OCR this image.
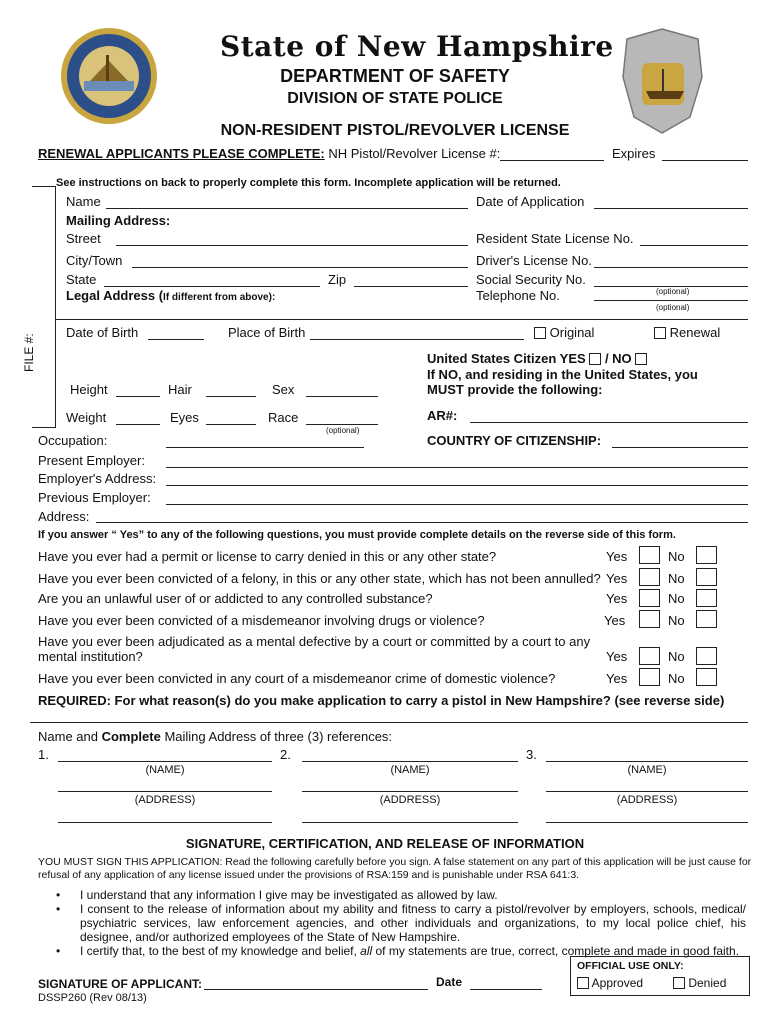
State of New Hampshire
DEPARTMENT OF SAFETY
DIVISION OF STATE POLICE
NON-RESIDENT PISTOL/REVOLVER LICENSE
RENEWAL APPLICANTS PLEASE COMPLETE: NH Pistol/Revolver License #:	Expires
See instructions on back to properly complete this form. Incomplete application will be returned.
FILE #:
Name
Mailing Address:
Street
City/Town
State	Zip
Legal Address (If different from above):
Date of Application
Resident State License No.
Driver's License No.
Social Security No.
(optional)
Telephone No.
(optional)
Date of Birth	Place of Birth	Original	Renewal
United States Citizen YES / NO
If NO, and residing in the United States, you
MUST provide the following:
Height	Hair	Sex
Weight	Eyes	Race
(optional)
AR#:
Occupation:	COUNTRY OF CITIZENSHIP:
Present Employer:
Employer's Address:
Previous Employer:
Address:
If you answer “ Yes” to any of the following questions, you must provide complete details on the reverse side of this form.
Have you ever had a permit or license to carry denied in this or any other state?	Yes	No
Have you ever been convicted of a felony, in this or any other state, which has not been annulled? Yes	No
Are you an unlawful user of or addicted to any controlled substance?	Yes	No
Have you ever been convicted of a misdemeanor involving drugs or violence?	Yes	No
Have you ever been adjudicated as a mental defective by a court or committed by a court to any
mental institution?	Yes	No
Have you ever been convicted in any court of a misdemeanor crime of domestic violence?	Yes	No
REQUIRED: For what reason(s) do you make application to carry a pistol in New Hampshire? (see reverse side)
Name and Complete Mailing Address of three (3) references:
1.	2.	3.
(NAME)	(NAME)	(NAME)
(ADDRESS)	(ADDRESS)	(ADDRESS)
SIGNATURE, CERTIFICATION, AND RELEASE OF INFORMATION
YOU MUST SIGN THIS APPLICATION: Read the following carefully before you sign. A false statement on any part of this application will be just cause for
refusal of any application of any license issued under the provisions of RSA:159 and is punishable under RSA 641:3.
• I understand that any information I give may be investigated as allowed by law.
• I consent to the release of information about my ability and fitness to carry a pistol/revolver by employers, schools, medical/ psychiatric services, law enforcement agencies, and other individuals and organizations, to my local police chief, his designee, and/or authorized employees of the State of New Hampshire.
• I certify that, to the best of my knowledge and belief, all of my statements are true, correct, complete and made in good faith.
SIGNATURE OF APPLICANT:	Date
DSSP260 (Rev 08/13)
OFFICIAL USE ONLY:
Approved	Denied
